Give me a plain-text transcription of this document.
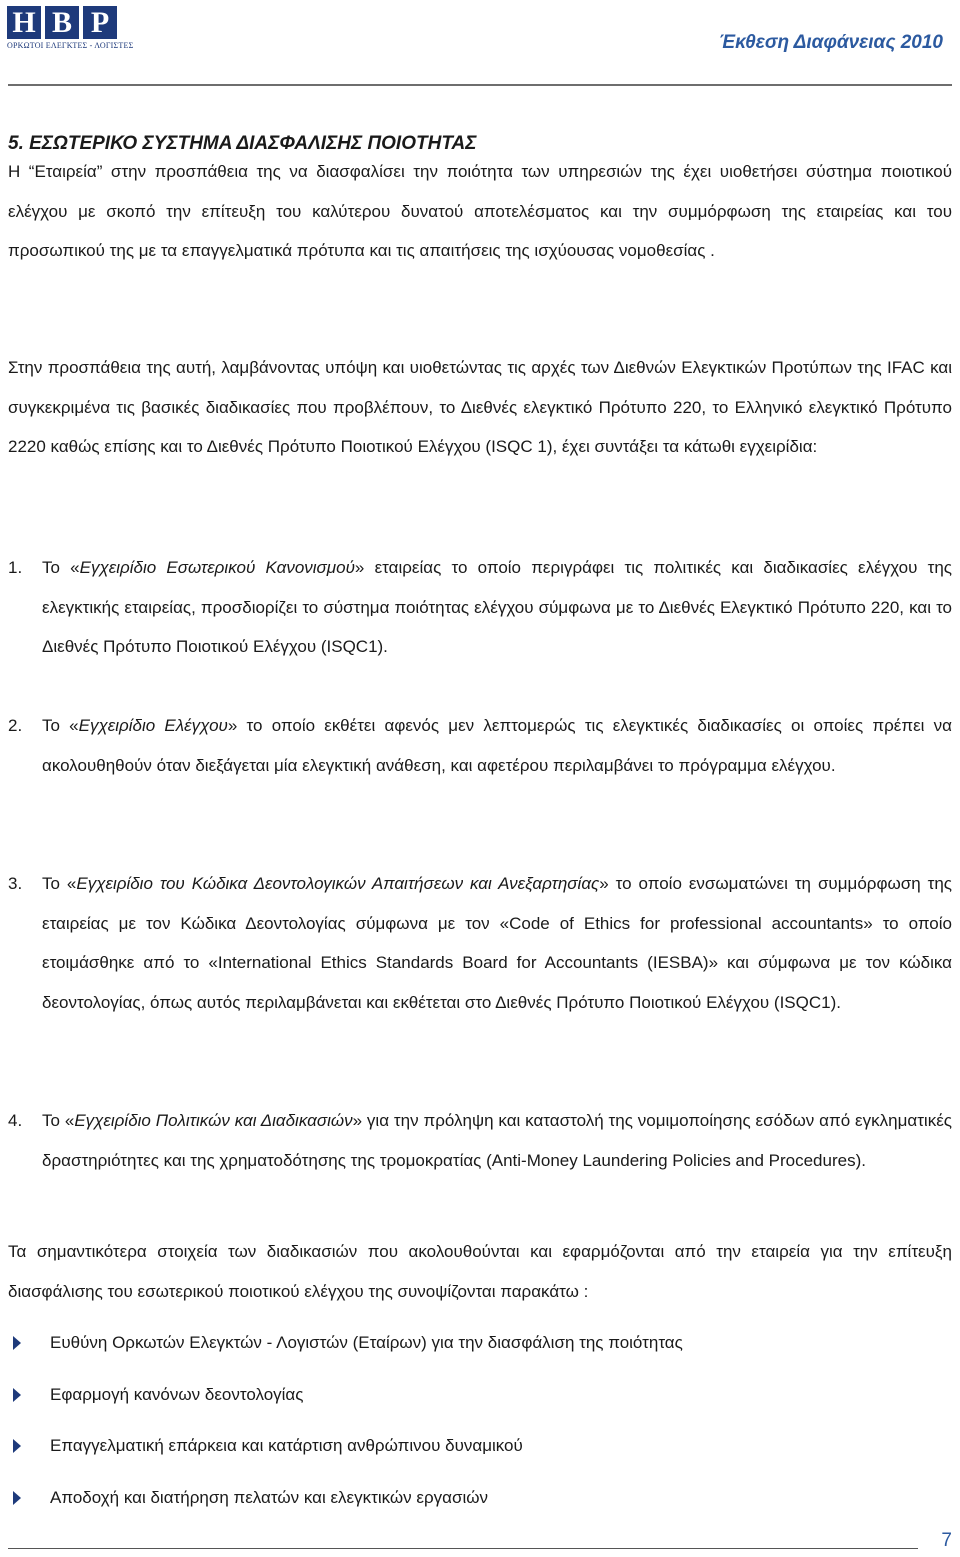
H B P
ΟΡΚΩΤΟΙ ΕΛΕΓΚΤΕΣ - ΛΟΓΙΣΤΕΣ	Έκθεση Διαφάνειας 2010
5. ΕΣΩΤΕΡΙΚΟ ΣΥΣΤΗΜΑ ΔΙΑΣΦΑΛΙΣΗΣ ΠΟΙΟΤΗΤΑΣ

Η “Εταιρεία” στην προσπάθεια της να διασφαλίσει την ποιότητα των υπηρεσιών της έχει υιοθετήσει σύστημα ποιοτικού ελέγχου με σκοπό την επίτευξη του καλύτερου δυνατού αποτελέσματος και την συμμόρφωση της εταιρείας και του προσωπικού της με τα επαγγελματικά πρότυπα και τις απαιτήσεις της ισχύουσας νομοθεσίας .

Στην προσπάθεια της αυτή, λαμβάνοντας υπόψη και υιοθετώντας τις αρχές των Διεθνών Ελεγκτικών Προτύπων της IFAC και συγκεκριμένα τις βασικές διαδικασίες που προβλέπουν, το Διεθνές ελεγκτικό Πρότυπο 220, το Ελληνικό ελεγκτικό Πρότυπο 2220 καθώς επίσης και το Διεθνές Πρότυπο Ποιοτικού Ελέγχου (ISQC 1), έχει συντάξει τα κάτωθι εγχειρίδια:

1. Το «Εγχειρίδιο Εσωτερικού Κανονισμού» εταιρείας το οποίο περιγράφει τις πολιτικές και διαδικασίες ελέγχου της ελεγκτικής εταιρείας, προσδιορίζει το σύστημα ποιότητας ελέγχου σύμφωνα με το Διεθνές Ελεγκτικό Πρότυπο 220, και το Διεθνές Πρότυπο Ποιοτικού Ελέγχου (ISQC1).

2. Το «Εγχειρίδιο Ελέγχου» το οποίο εκθέτει αφενός μεν λεπτομερώς τις ελεγκτικές διαδικασίες οι οποίες πρέπει να ακολουθηθούν όταν διεξάγεται μία ελεγκτική ανάθεση, και αφετέρου περιλαμβάνει το πρόγραμμα ελέγχου.

3. Το «Εγχειρίδιο του Κώδικα Δεοντολογικών Απαιτήσεων και Ανεξαρτησίας» το οποίο ενσωματώνει τη συμμόρφωση της εταιρείας με τον Κώδικα Δεοντολογίας σύμφωνα με τον «Code of Ethics for professional accountants» το οποίο ετοιμάσθηκε από το «International Ethics Standards Board for Accountants (IESBA)» και σύμφωνα με τον κώδικα δεοντολογίας, όπως αυτός περιλαμβάνεται και εκθέτεται στο Διεθνές Πρότυπο Ποιοτικού Ελέγχου (ISQC1).

4. Το «Εγχειρίδιο Πολιτικών και Διαδικασιών» για την πρόληψη και καταστολή της νομιμοποίησης εσόδων από εγκληματικές δραστηριότητες και της χρηματοδότησης της τρομοκρατίας (Anti-Money Laundering Policies and Procedures).

Τα σημαντικότερα στοιχεία των διαδικασιών που ακολουθούνται και εφαρμόζονται από την εταιρεία για την επίτευξη διασφάλισης του εσωτερικού ποιοτικού ελέγχου της συνοψίζονται παρακάτω :

Ευθύνη Ορκωτών Ελεγκτών - Λογιστών (Εταίρων) για την διασφάλιση της ποιότητας
Εφαρμογή κανόνων δεοντολογίας
Επαγγελματική επάρκεια και κατάρτιση ανθρώπινου δυναμικού
Αποδοχή και διατήρηση πελατών και ελεγκτικών εργασιών
7
